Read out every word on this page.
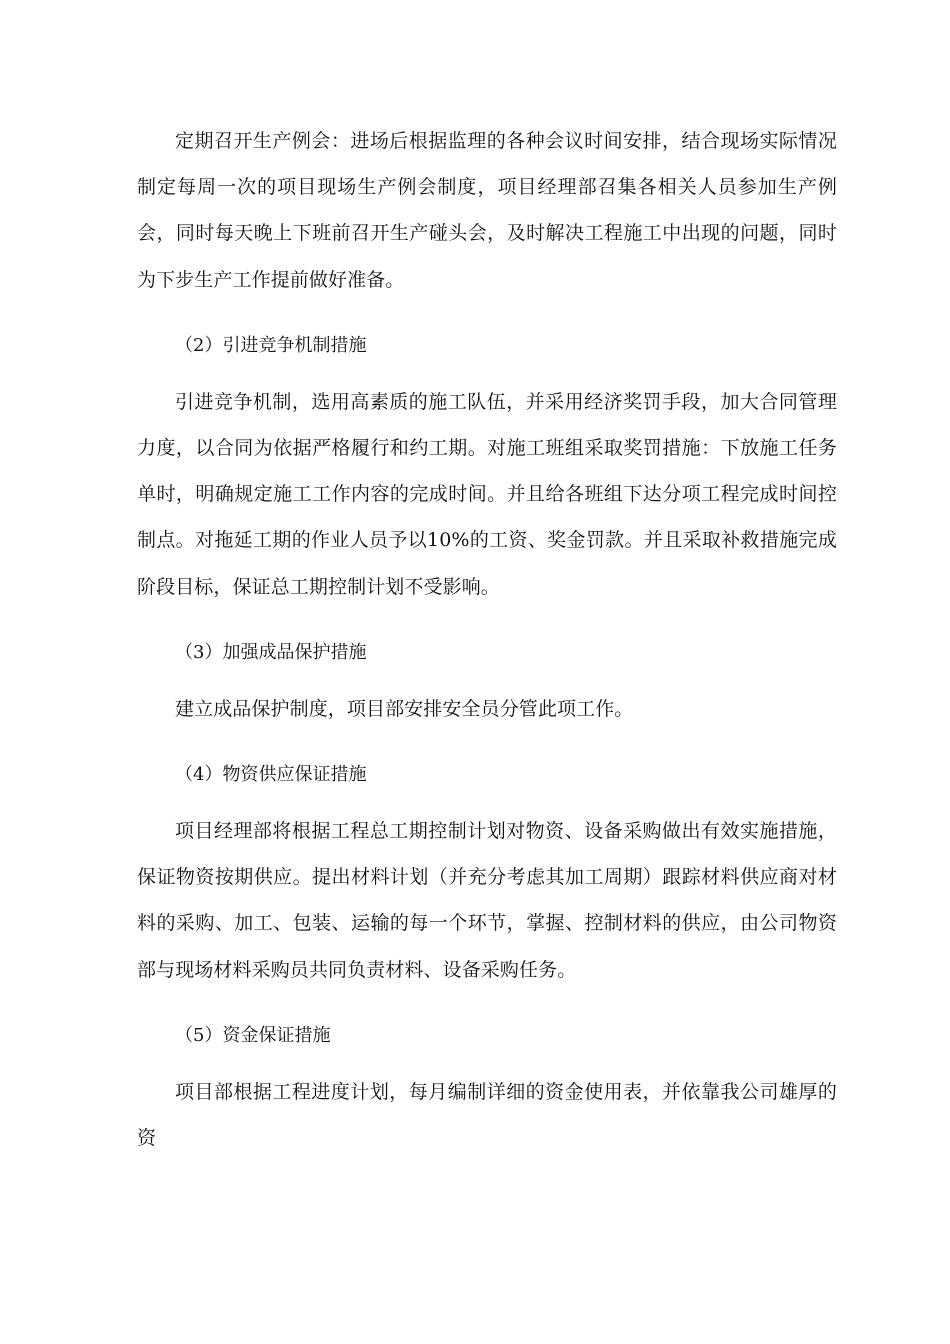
定期召开生产例会：进场后根据监理的各种会议时间安排，结合现场实际情况制定每周一次的项目现场生产例会制度，项目经理部召集各相关人员参加生产例会，同时每天晚上下班前召开生产碰头会，及时解决工程施工中出现的问题，同时为下步生产工作提前做好准备。

（2）引进竞争机制措施

引进竞争机制，选用高素质的施工队伍，并采用经济奖罚手段，加大合同管理力度，以合同为依据严格履行和约工期。对施工班组采取奖罚措施：下放施工任务单时，明确规定施工工作内容的完成时间。并且给各班组下达分项工程完成时间控制点。对拖延工期的作业人员予以10%的工资、奖金罚款。并且采取补救措施完成阶段目标，保证总工期控制计划不受影响。

（3）加强成品保护措施

建立成品保护制度，项目部安排安全员分管此项工作。

（4）物资供应保证措施

项目经理部将根据工程总工期控制计划对物资、设备采购做出有效实施措施，保证物资按期供应。提出材料计划（并充分考虑其加工周期）跟踪材料供应商对材料的采购、加工、包装、运输的每一个环节，掌握、控制材料的供应，由公司物资部与现场材料采购员共同负责材料、设备采购任务。

（5）资金保证措施

项目部根据工程进度计划，每月编制详细的资金使用表，并依靠我公司雄厚的资
